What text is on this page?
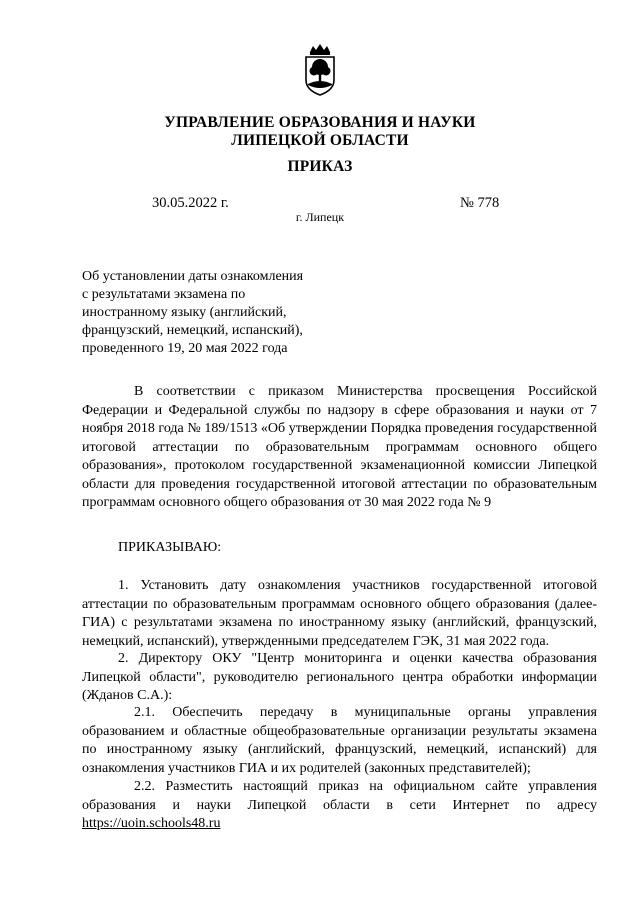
УПРАВЛЕНИЕ ОБРАЗОВАНИЯ И НАУКИ
ЛИПЕЦКОЙ ОБЛАСТИ
ПРИКАЗ
30.05.2022 г.	№ 778
г. Липецк
Об установлении даты ознакомления
с результатами экзамена по
иностранному языку (английский,
французский, немецкий, испанский),
проведенного 19, 20 мая 2022 года
В соответствии с приказом Министерства просвещения Российской Федерации и Федеральной службы по надзору в сфере образования и науки от 7 ноября 2018 года № 189/1513 «Об утверждении Порядка проведения государственной итоговой аттестации по образовательным программам основного общего образования», протоколом государственной экзаменационной комиссии Липецкой области для проведения государственной итоговой аттестации по образовательным программам основного общего образования от 30 мая 2022 года № 9
ПРИКАЗЫВАЮ:
1. Установить дату ознакомления участников государственной итоговой аттестации по образовательным программам основного общего образования (далее-ГИА) с результатами экзамена по иностранному языку (английский, французский, немецкий, испанский), утвержденными председателем ГЭК, 31 мая 2022 года.
2. Директору ОКУ "Центр мониторинга и оценки качества образования Липецкой области", руководителю регионального центра обработки информации (Жданов С.А.):
2.1. Обеспечить передачу в муниципальные органы управления образованием и областные общеобразовательные организации результаты экзамена по иностранному языку (английский, французский, немецкий, испанский) для ознакомления участников ГИА и их родителей (законных представителей);
2.2. Разместить настоящий приказ на официальном сайте управления образования и науки Липецкой области в сети Интернет по адресу https://uoin.schools48.ru
